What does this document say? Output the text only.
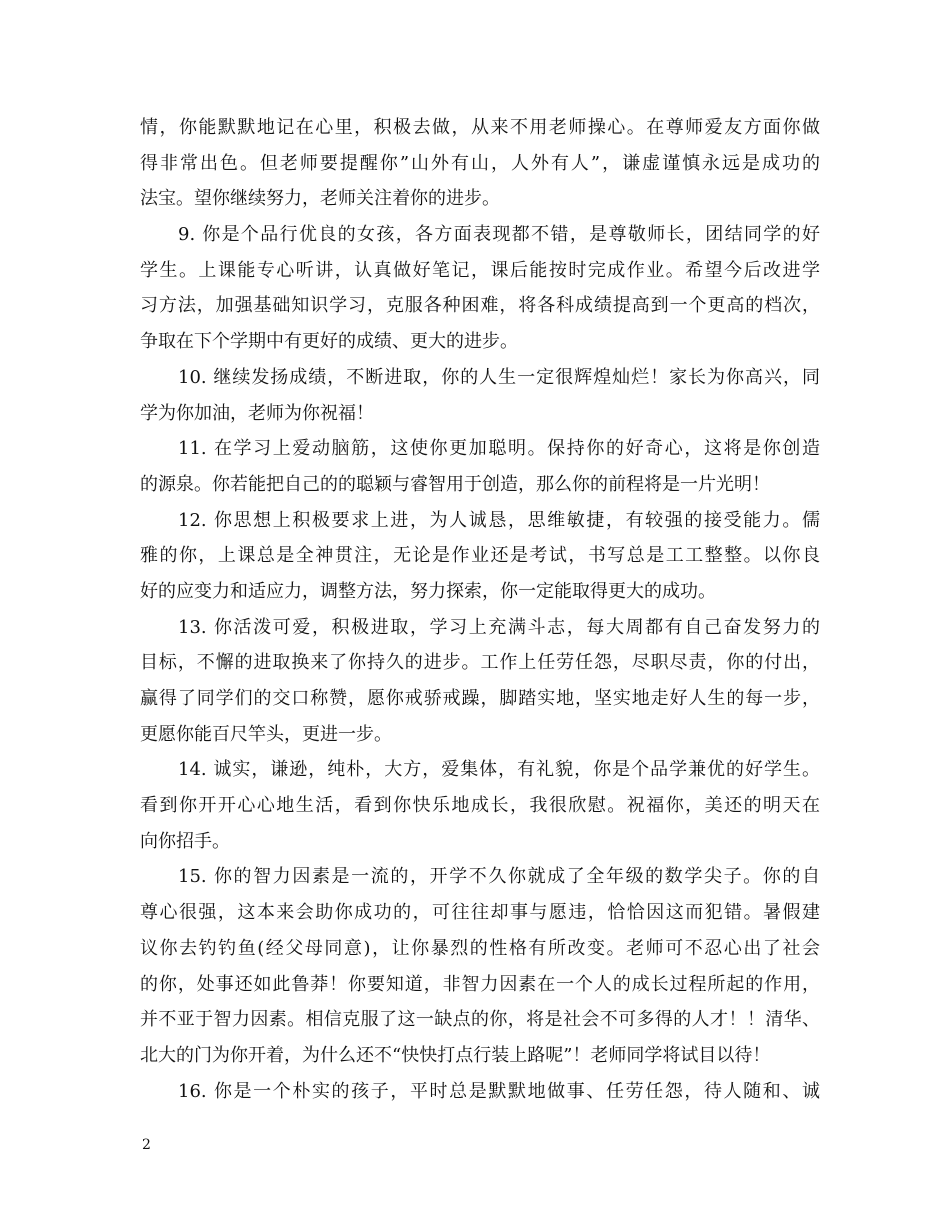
情，你能默默地记在心里，积极去做，从来不用老师操心。在尊师爱友方面你做
得非常出色。但老师要提醒你”山外有山，人外有人”，谦虚谨慎永远是成功的
法宝。望你继续努力，老师关注着你的进步。
9. 你是个品行优良的女孩，各方面表现都不错，是尊敬师长，团结同学的好
学生。上课能专心听讲，认真做好笔记，课后能按时完成作业。希望今后改进学
习方法，加强基础知识学习，克服各种困难，将各科成绩提高到一个更高的档次，
争取在下个学期中有更好的成绩、更大的进步。
10. 继续发扬成绩，不断进取，你的人生一定很辉煌灿烂！家长为你高兴，同
学为你加油，老师为你祝福！
11. 在学习上爱动脑筋，这使你更加聪明。保持你的好奇心，这将是你创造
的源泉。你若能把自己的的聪颖与睿智用于创造，那么你的前程将是一片光明！
12. 你思想上积极要求上进，为人诚恳，思维敏捷，有较强的接受能力。儒
雅的你，上课总是全神贯注，无论是作业还是考试，书写总是工工整整。以你良
好的应变力和适应力，调整方法，努力探索，你一定能取得更大的成功。
13. 你活泼可爱，积极进取，学习上充满斗志，每大周都有自己奋发努力的
目标，不懈的进取换来了你持久的进步。工作上任劳任怨，尽职尽责，你的付出，
赢得了同学们的交口称赞，愿你戒骄戒躁，脚踏实地，坚实地走好人生的每一步，
更愿你能百尺竿头，更进一步。
14. 诚实，谦逊，纯朴，大方，爱集体，有礼貌，你是个品学兼优的好学生。
看到你开开心心地生活，看到你快乐地成长，我很欣慰。祝福你，美还的明天在
向你招手。
15. 你的智力因素是一流的，开学不久你就成了全年级的数学尖子。你的自
尊心很强，这本来会助你成功的，可往往却事与愿违，恰恰因这而犯错。暑假建
议你去钓钓鱼(经父母同意)，让你暴烈的性格有所改变。老师可不忍心出了社会
的你，处事还如此鲁莽！你要知道，非智力因素在一个人的成长过程所起的作用，
并不亚于智力因素。相信克服了这一缺点的你，将是社会不可多得的人才！！清华、
北大的门为你开着，为什么还不“快快打点行装上路呢”！老师同学将试目以待！
16. 你是一个朴实的孩子，平时总是默默地做事、任劳任怨，待人随和、诚
2
